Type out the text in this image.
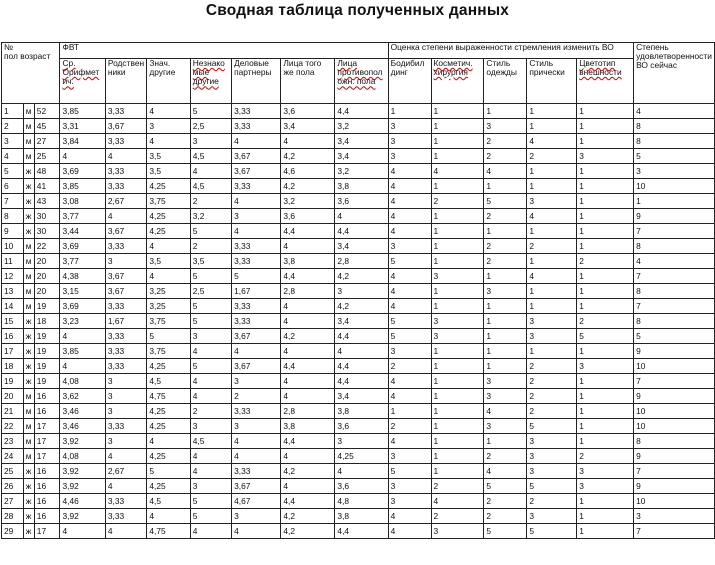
Сводная таблица полученных данных
№
пол возраст			ФВТ							Оценка степени выраженности стремления изменить ВО					Степень удовлетворенности ВО сейчас
			Ср. Орифметич.	Родственники	Знач. другие	Незнакомые другие	Деловые партнеры	Лица того же пола	Лица противоположн. пола	Бодибилдинг	Косметич. хирургия	Стиль одежды	Стиль прически	Цветотип внешности	
1	м	52	3,85	3,33	4	5	3,33	3,6	4,4	1	1	1	1	1	4
2	м	45	3,31	3,67	3	2,5	3,33	3,4	3,2	3	1	3	1	1	8
3	м	27	3,84	3,33	4	3	4	4	3,4	3	1	2	4	1	8
4	м	25	4	4	3,5	4,5	3,67	4,2	3,4	3	1	2	2	3	5
5	ж	48	3,69	3,33	3,5	4	3,67	4,6	3,2	4	4	4	1	1	3
6	ж	41	3,85	3,33	4,25	4,5	3,33	4,2	3,8	4	1	1	1	1	10
7	ж	43	3,08	2,67	3,75	2	4	3,2	3,6	4	2	5	3	1	1
8	ж	30	3,77	4	4,25	3,2	3	3,6	4	4	1	2	4	1	9
9	ж	30	3,44	3,67	4,25	5	4	4,4	4,4	4	1	1	1	1	7
10	м	22	3,69	3,33	4	2	3,33	4	3,4	3	1	2	2	1	8
11	м	20	3,77	3	3,5	3,5	3,33	3,8	2,8	5	1	2	1	2	4
12	м	20	4,38	3,67	4	5	5	4,4	4,2	4	3	1	4	1	7
13	м	20	3,15	3,67	3,25	2,5	1,67	2,8	3	4	1	3	1	1	8
14	м	19	3,69	3,33	3,25	5	3,33	4	4,2	4	1	1	1	1	7
15	ж	18	3,23	1,67	3,75	5	3,33	4	3,4	5	3	1	3	2	8
16	ж	19	4	3,33	5	3	3,67	4,2	4,4	5	3	1	3	5	5
17	ж	19	3,85	3,33	3,75	4	4	4	4	3	1	1	1	1	9
18	ж	19	4	3,33	4,25	5	3,67	4,4	4,4	2	1	1	2	3	10
19	ж	19	4,08	3	4,5	4	3	4	4,4	4	1	3	2	1	7
20	м	16	3,62	3	4,75	4	2	4	3,4	4	1	3	2	1	9
21	м	16	3,46	3	4,25	2	3,33	2,8	3,8	1	1	4	2	1	10
22	м	17	3,46	3,33	4,25	3	3	3,8	3,6	2	1	3	5	1	10
23	м	17	3,92	3	4	4,5	4	4,4	3	4	1	1	3	1	8
24	м	17	4,08	4	4,25	4	4	4	4,25	3	1	2	3	2	9
25	ж	16	3,92	2,67	5	4	3,33	4,2	4	5	1	4	3	3	7
26	ж	16	3,92	4	4,25	3	3,67	4	3,6	3	2	5	5	3	9
27	ж	16	4,46	3,33	4,5	5	4,67	4,4	4,8	3	4	2	2	1	10
28	ж	16	3,92	3,33	4	5	3	4,2	3,8	4	2	2	3	1	3
29	ж	17	4	4	4,75	4	4	4,2	4,4	4	3	5	5	1	7
